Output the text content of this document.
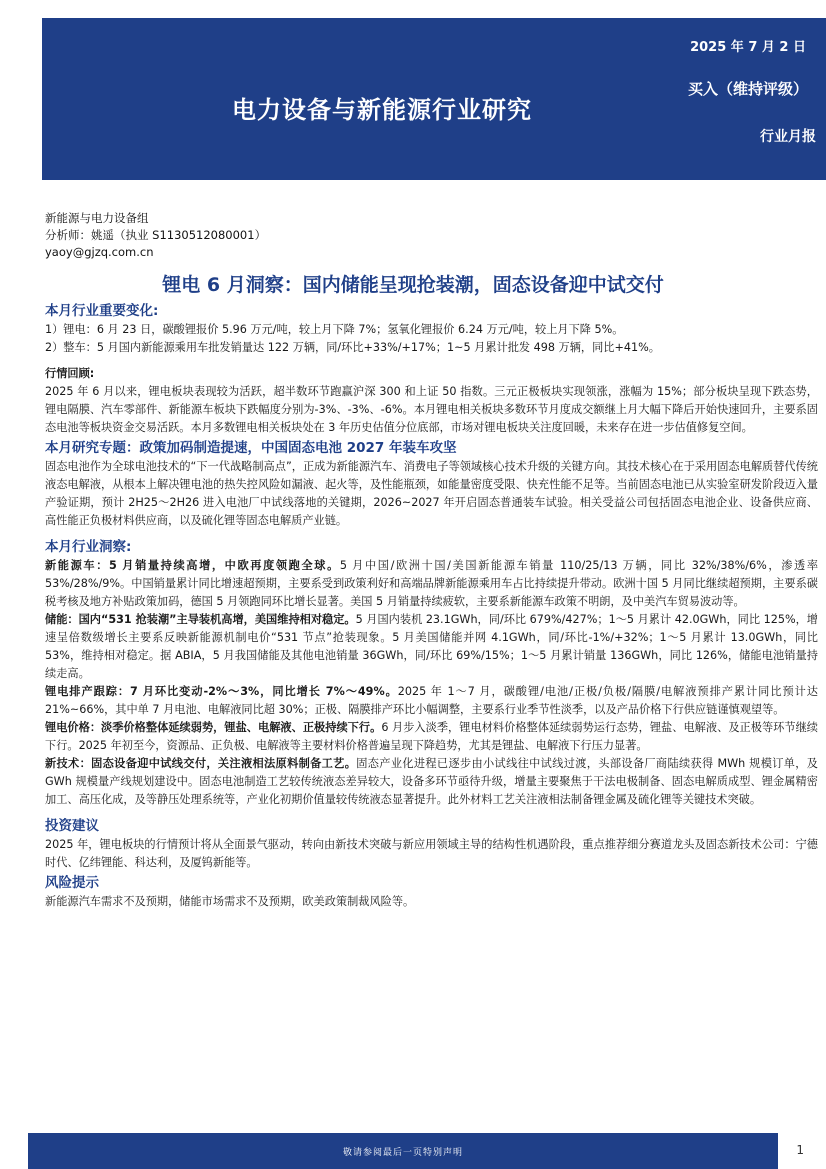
2025 年 7 月 2 日
电力设备与新能源行业研究
买入（维持评级）
行业月报
新能源与电力设备组
分析师：姚遥（执业 S1130512080001）
yaoy@gjzq.com.cn
锂电 6 月洞察：国内储能呈现抢装潮，固态设备迎中试交付
本月行业重要变化:
1）锂电：6 月 23 日，碳酸锂报价 5.96 万元/吨，较上月下降 7%；氢氧化锂报价 6.24 万元/吨，较上月下降 5%。
2）整车：5 月国内新能源乘用车批发销量达 122 万辆，同/环比+33%/+17%；1~5 月累计批发 498 万辆，同比+41%。
行情回顾:
2025 年 6 月以来，锂电板块表现较为活跃，超半数环节跑赢沪深 300 和上证 50 指数。三元正极板块实现领涨，涨幅为 15%；部分板块呈现下跌态势，锂电隔膜、汽车零部件、新能源车板块下跌幅度分别为-3%、-3%、-6%。本月锂电相关板块多数环节月度成交额继上月大幅下降后开始快速回升，主要系固态电池等板块资金交易活跃。本月多数锂电相关板块处在 3 年历史估值分位底部，市场对锂电板块关注度回暖，未来存在进一步估值修复空间。
本月研究专题：政策加码制造提速，中国固态电池 2027 年装车攻坚
固态电池作为全球电池技术的“下一代战略制高点”，正成为新能源汽车、消费电子等领域核心技术升级的关键方向。其技术核心在于采用固态电解质替代传统液态电解液，从根本上解决锂电池的热失控风险如漏液、起火等，及性能瓶颈，如能量密度受限、快充性能不足等。当前固态电池已从实验室研发阶段迈入量产验证期，预计 2H25～2H26 进入电池厂中试线落地的关键期，2026~2027 年开启固态普通装车试验。相关受益公司包括固态电池企业、设备供应商、高性能正负极材料供应商，以及硫化锂等固态电解质产业链。
本月行业洞察:
新能源车：5 月销量持续高增，中欧再度领跑全球。5 月中国/欧洲十国/美国新能源车销量 110/25/13 万辆，同比 32%/38%/6%，渗透率 53%/28%/9%。中国销量累计同比增速超预期，主要系受到政策利好和高端品牌新能源乘用车占比持续提升带动。欧洲十国 5 月同比继续超预期，主要系碳税考核及地方补贴政策加码，德国 5 月领跑同环比增长显著。美国 5 月销量持续疲软，主要系新能源车政策不明朗，及中美汽车贸易波动等。
储能：国内“531 抢装潮”主导装机高增，美国维持相对稳定。5 月国内装机 23.1GWh，同/环比 679%/427%；1～5 月累计 42.0GWh，同比 125%，增速呈倍数级增长主要系反映新能源机制电价“531 节点”抢装现象。5 月美国储能并网 4.1GWh，同/环比-1%/+32%；1～5 月累计 13.0GWh，同比 53%，维持相对稳定。据 ABIA，5 月我国储能及其他电池销量 36GWh，同/环比 69%/15%；1～5 月累计销量 136GWh，同比 126%，储能电池销量持续走高。
锂电排产跟踪：7 月环比变动-2%～3%，同比增长 7%～49%。2025 年 1～7 月，碳酸锂/电池/正极/负极/隔膜/电解液预排产累计同比预计达 21%~66%，其中单 7 月电池、电解液同比超 30%；正极、隔膜排产环比小幅调整，主要系行业季节性淡季，以及产品价格下行供应链谨慎观望等。
锂电价格：淡季价格整体延续弱势，锂盐、电解液、正极持续下行。6 月步入淡季，锂电材料价格整体延续弱势运行态势，锂盐、电解液、及正极等环节继续下行。2025 年初至今，资源品、正负极、电解液等主要材料价格普遍呈现下降趋势，尤其是锂盐、电解液下行压力显著。
新技术：固态设备迎中试线交付，关注液相法原料制备工艺。固态产业化进程已逐步由小试线往中试线过渡，头部设备厂商陆续获得 MWh 规模订单，及 GWh 规模量产线规划建设中。固态电池制造工艺较传统液态差异较大，设备多环节亟待升级，增量主要聚焦于干法电极制备、固态电解质成型、锂金属精密加工、高压化成，及等静压处理系统等，产业化初期价值量较传统液态显著提升。此外材料工艺关注液相法制备锂金属及硫化锂等关键技术突破。
投资建议
2025 年，锂电板块的行情预计将从全面景气驱动，转向由新技术突破与新应用领域主导的结构性机遇阶段，重点推荐细分赛道龙头及固态新技术公司：宁德时代、亿纬锂能、科达利，及厦钨新能等。
风险提示
新能源汽车需求不及预期，储能市场需求不及预期，欧美政策制裁风险等。
敬请参阅最后一页特别声明	1
